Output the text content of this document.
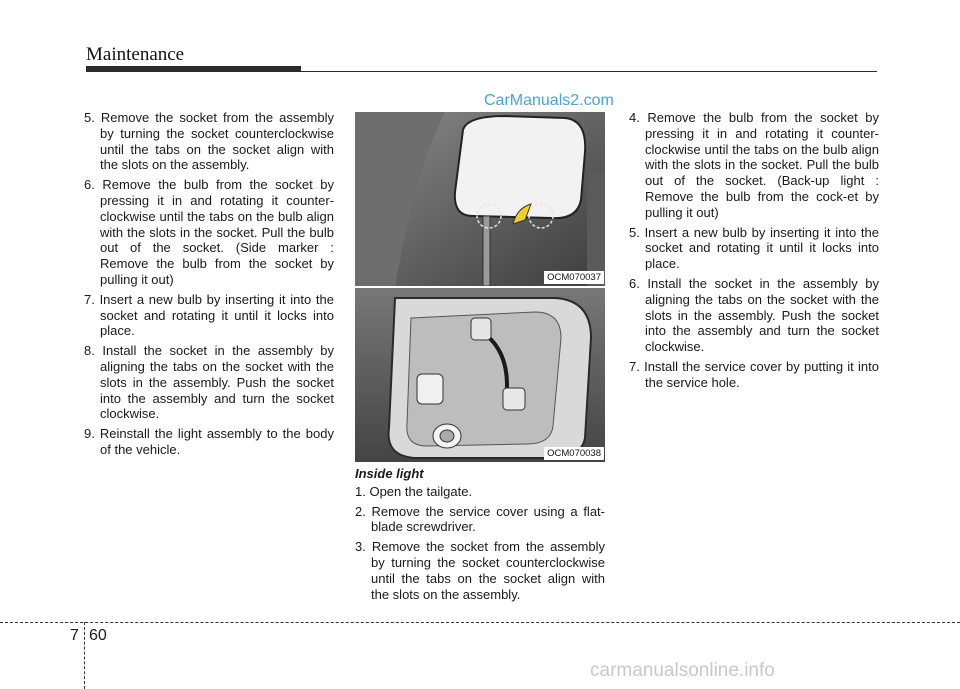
Maintenance
CarManuals2.com

5. Remove the socket from the assembly by turning the socket counterclockwise until the tabs on the socket align with the slots on the assembly.

6. Remove the bulb from the socket by pressing it in and rotating it counter-clockwise until the tabs on the bulb align with the slots in the socket. Pull the bulb out of the socket. (Side marker : Remove the bulb from the socket by pulling it out)

7. Insert a new bulb by inserting it into the socket and rotating it until it locks into place.

8. Install the socket in the assembly by aligning the tabs on the socket with the slots in the assembly. Push the socket into the assembly and turn the socket clockwise.

9. Reinstall the light assembly to the body of the vehicle.

OCM070037
OCM070038

Inside light

1. Open the tailgate.

2. Remove the service cover using a flat-blade screwdriver.

3. Remove the socket from the assembly by turning the socket counterclockwise until the tabs on the socket align with the slots on the assembly.

4. Remove the bulb from the socket by pressing it in and rotating it counter-clockwise until the tabs on the bulb align with the slots in the socket. Pull the bulb out of the socket. (Back-up light : Remove the bulb from the cock-et by pulling it out)

5. Insert a new bulb by inserting it into the socket and rotating it until it locks into place.

6. Install the socket in the assembly by aligning the tabs on the socket with the slots in the assembly. Push the socket into the assembly and turn the socket clockwise.

7. Install the service cover by putting it into the service hole.

7 60
carmanualsonline.info
